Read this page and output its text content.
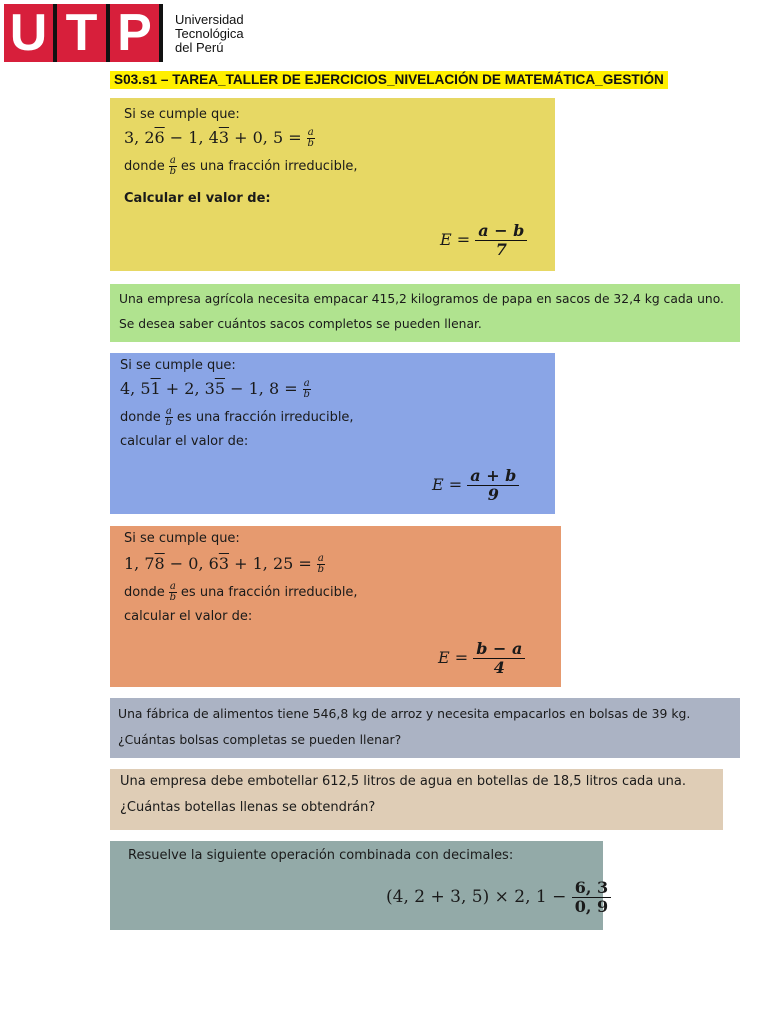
U T P	Universidad
Tecnológica
del Perú
S03.s1 – TAREA_TALLER DE EJERCICIOS_NIVELACIÓN DE MATEMÁTICA_GESTIÓN
Si se cumple que:
3, 26 − 1, 43 + 0, $5 = \frac{a}{b}$
donde $\frac{a}{b}$ es una fracción irreducible,
Calcular el valor de:
$E = \frac{a - b}{7}$
Una empresa agrícola necesita empacar 415,2 kilogramos de papa en sacos de 32,4 kg cada uno.
Se desea saber cuántos sacos completos se pueden llenar.
Si se cumple que:
4, 51 + 2, 35 − 1, $8 = \frac{a}{b}$
donde $\frac{a}{b}$ es una fracción irreducible,
calcular el valor de:
$E = \frac{a + b}{9}$
Si se cumple que:
1, 78 − 0, 63 + 1, $25 = \frac{a}{b}$
donde $\frac{a}{b}$ es una fracción irreducible,
calcular el valor de:
$E = \frac{b - a}{4}$
Una fábrica de alimentos tiene 546,8 kg de arroz y necesita empacarlos en bolsas de 39 kg.
¿Cuántas bolsas completas se pueden llenar?
Una empresa debe embotellar 612,5 litros de agua en botellas de 18,5 litros cada una.
¿Cuántas botellas llenas se obtendrán?
Resuelve la siguiente operación combinada con decimales:
(4, 2 + 3, 5) × 2, $1 - \frac{6, 3}{0, 9}$
